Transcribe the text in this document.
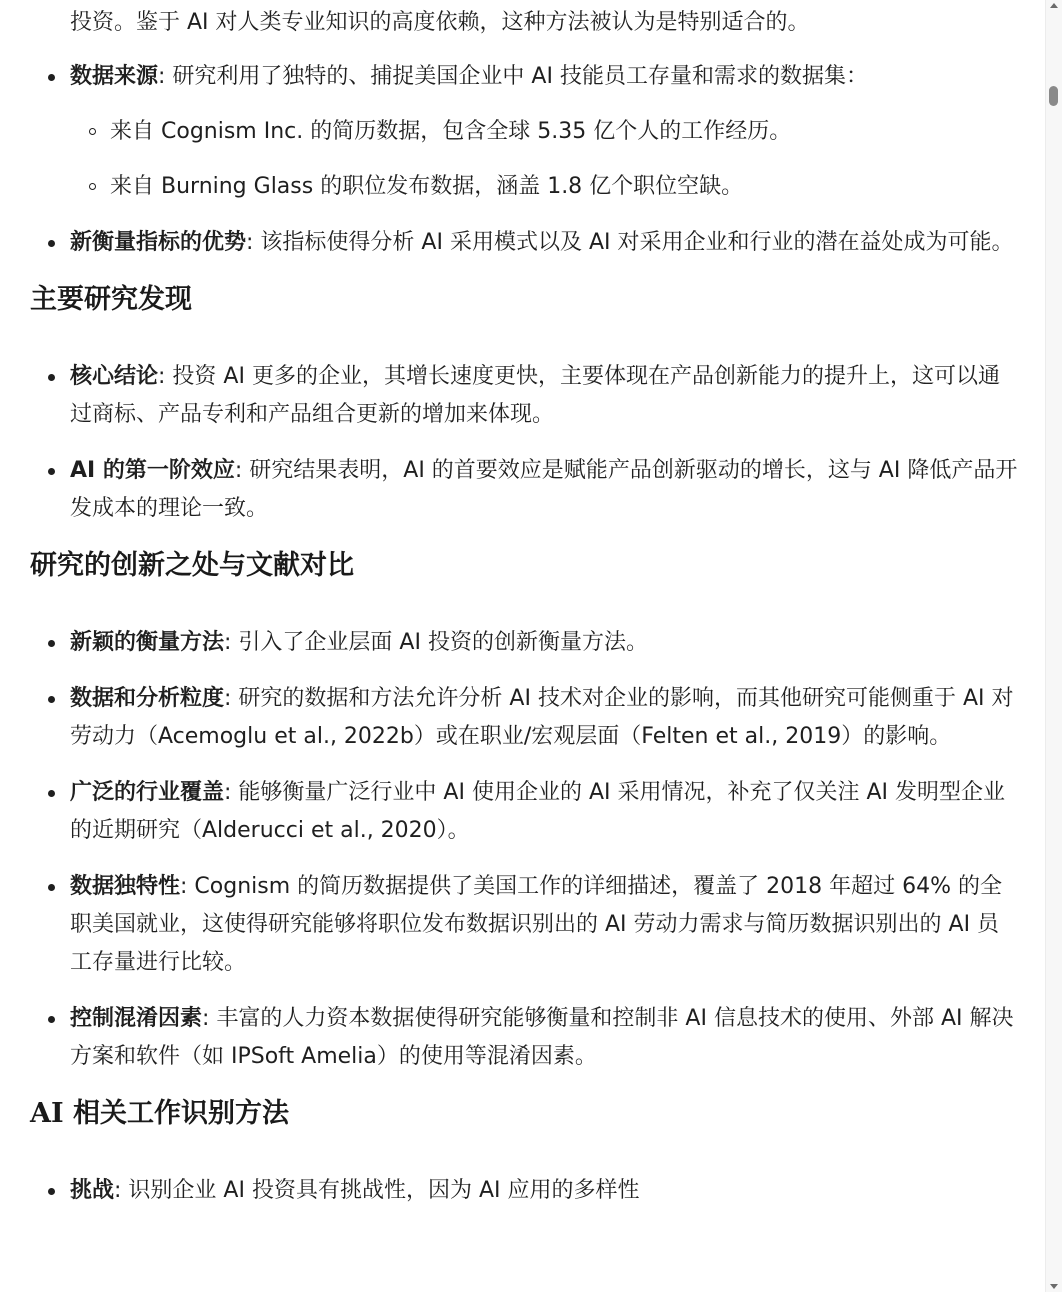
投资。鉴于 AI 对人类专业知识的高度依赖，这种方法被认为是特别适合的。

数据来源: 研究利用了独特的、捕捉美国企业中 AI 技能员工存量和需求的数据集：
来自 Cognism Inc. 的简历数据，包含全球 5.35 亿个人的工作经历。
来自 Burning Glass 的职位发布数据，涵盖 1.8 亿个职位空缺。
新衡量指标的优势: 该指标使得分析 AI 采用模式以及 AI 对采用企业和行业的潜在益处成为可能。
主要研究发现
核心结论: 投资 AI 更多的企业，其增长速度更快，主要体现在产品创新能力的提升上，这可以通过商标、产品专利和产品组合更新的增加来体现。
AI 的第一阶效应: 研究结果表明，AI 的首要效应是赋能产品创新驱动的增长，这与 AI 降低产品开发成本的理论一致。
研究的创新之处与文献对比
新颖的衡量方法: 引入了企业层面 AI 投资的创新衡量方法。
数据和分析粒度: 研究的数据和方法允许分析 AI 技术对企业的影响，而其他研究可能侧重于 AI 对劳动力（Acemoglu et al., 2022b）或在职业/宏观层面（Felten et al., 2019）的影响。
广泛的行业覆盖: 能够衡量广泛行业中 AI 使用企业的 AI 采用情况，补充了仅关注 AI 发明型企业的近期研究（Alderucci et al., 2020）。
数据独特性: Cognism 的简历数据提供了美国工作的详细描述，覆盖了 2018 年超过 64% 的全职美国就业，这使得研究能够将职位发布数据识别出的 AI 劳动力需求与简历数据识别出的 AI 员工存量进行比较。
控制混淆因素: 丰富的人力资本数据使得研究能够衡量和控制非 AI 信息技术的使用、外部 AI 解决方案和软件（如 IPSoft Amelia）的使用等混淆因素。
AI 相关工作识别方法
挑战: 识别企业 AI 投资具有挑战性，因为 AI 应用的多样性
